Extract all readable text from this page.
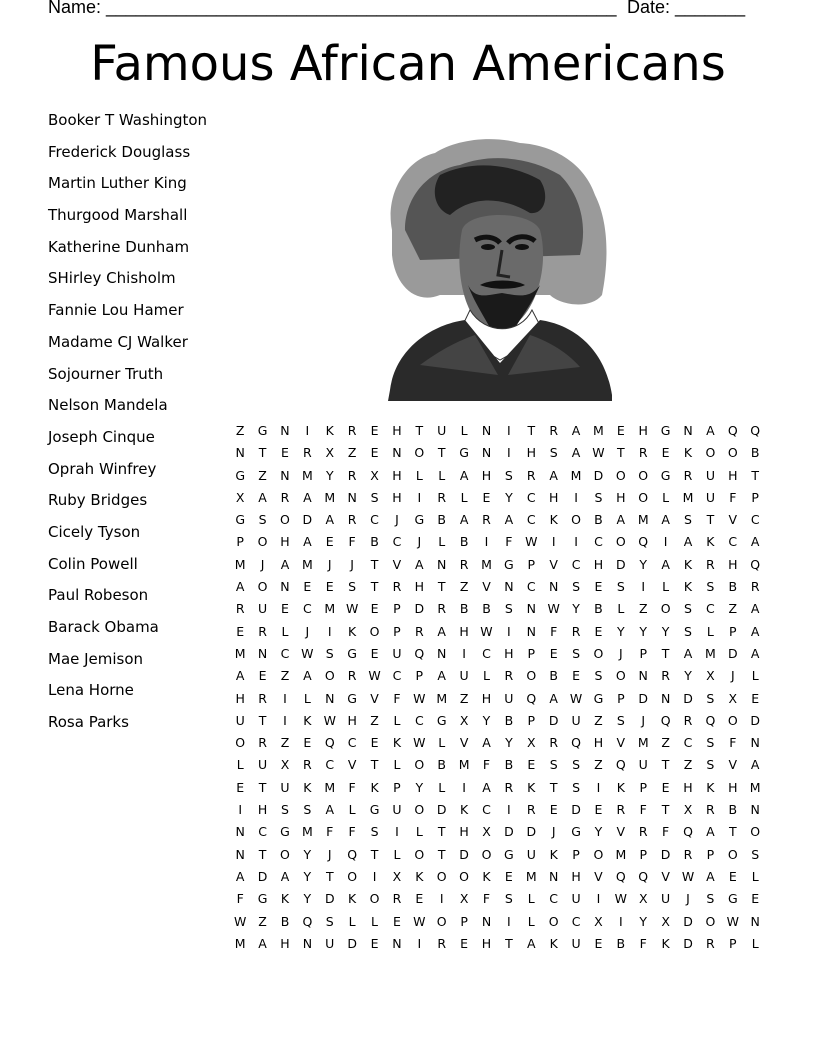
Name: ___________________________________________________

Date: _______

Famous African Americans
Booker T Washington
Frederick Douglass
Martin Luther King
Thurgood Marshall
Katherine Dunham
SHirley Chisholm
Fannie Lou Hamer
Madame CJ Walker
Sojourner Truth
Nelson Mandela
Joseph Cinque
Oprah Winfrey
Ruby Bridges
Cicely Tyson
Colin Powell
Paul Robeson
Barack Obama
Mae Jemison
Lena Horne
Rosa Parks
Z	G	N	I	K	R	E	H	T	U	L	N	I	T	R	A	M	E	H	G	N	A	Q	Q
N	T	E	R	X	Z	E	N	O	T	G	N	I	H	S	A W T	R	E	K	O	O	B
G	Z	N M	Y	R	X	H	L	L	A	H	S	R	A	M D	O	O	G	R	U	H	T
X	A	R	A	M N	S	H	I	R	L	E	Y	C	H	I	S	H	O	L	M U	F	P
G	S	O	D	A	R	C	J	G	B	A	R	A	C	K	O	B	A	M	A	S	T	V	C
P	O	H	A	E	F	B	C	J	L	B	I	F	W	I	I	C	O	Q	I	A	K	C	A
M	J	A	M	J	J	T	V	A	N	R	M G	P	V	C	H	D	Y	A	K	R	H	Q
A	O	N	E	E	S	T	R	H	T	Z	V	N	C	N	S	E	S	I	L	K	S	B	R
R	U	E	C	M W E	P	D	R	B	B	S	N W Y	B	L	Z	O	S	C	Z	A
E	R	L	J	I	K	O	P	R	A	H W	I	N	F	R	E	Y	Y	Y	S	L	P	A
M N	C W S	G	E	U	Q	N	I	C	H	P	E	S	O	J	P	T	A	M D	A
A	E	Z	A	O	R W C	P	A	U	L	R	O	B	E	S	O	N	R	Y	X	J	L
H	R	I	L	N	G	V	F	W M	Z	H	U	Q	A W G	P	D	N	D	S	X	E
U	T	I	K W H	Z	L	C	G	X	Y	B	P	D	U	Z	S	J	Q	R	Q	O	D
O	R	Z	E	Q	C	E	K W	L	V	A	Y	X	R	Q	H	V	M	Z	C	S	F	N
L	U	X	R	C	V	T	L	O	B	M	F	B	E	S	S	Z	Q	U	T	Z	S	V	A
E	T	U	K	M	F	K	P	Y	L	I	A	R	K	T	S	I	K	P	E	H	K	H M
I	H	S	S	A	L	G	U	O	D	K	C	I	R	E	D	E	R	F	T	X	R	B	N
N	C	G M	F	F	S	I	L	T	H	X	D	D	J	G	Y	V	R	F	Q	A	T	O
N	T	O	Y	J	Q	T	L	O	T	D	O	G	U	K	P	O M	P	D	R	P	O	S
A	D	A	Y	T	O	I	X	K	O	O	K	E	M N	H	V	Q	Q	V W A	E	L
F	G	K	Y	D	K	O	R	E	I	X	F	S	L	C	U	I	W X	U	J	S	G	E
W Z	B	Q	S	L	L	E W O	P	N	I	L	O	C	X	I	Y	X	D	O W N
M	A	H	N	U	D	E	N	I	R	E	H	T	A	K	U	E	B	F	K	D	R	P	L
